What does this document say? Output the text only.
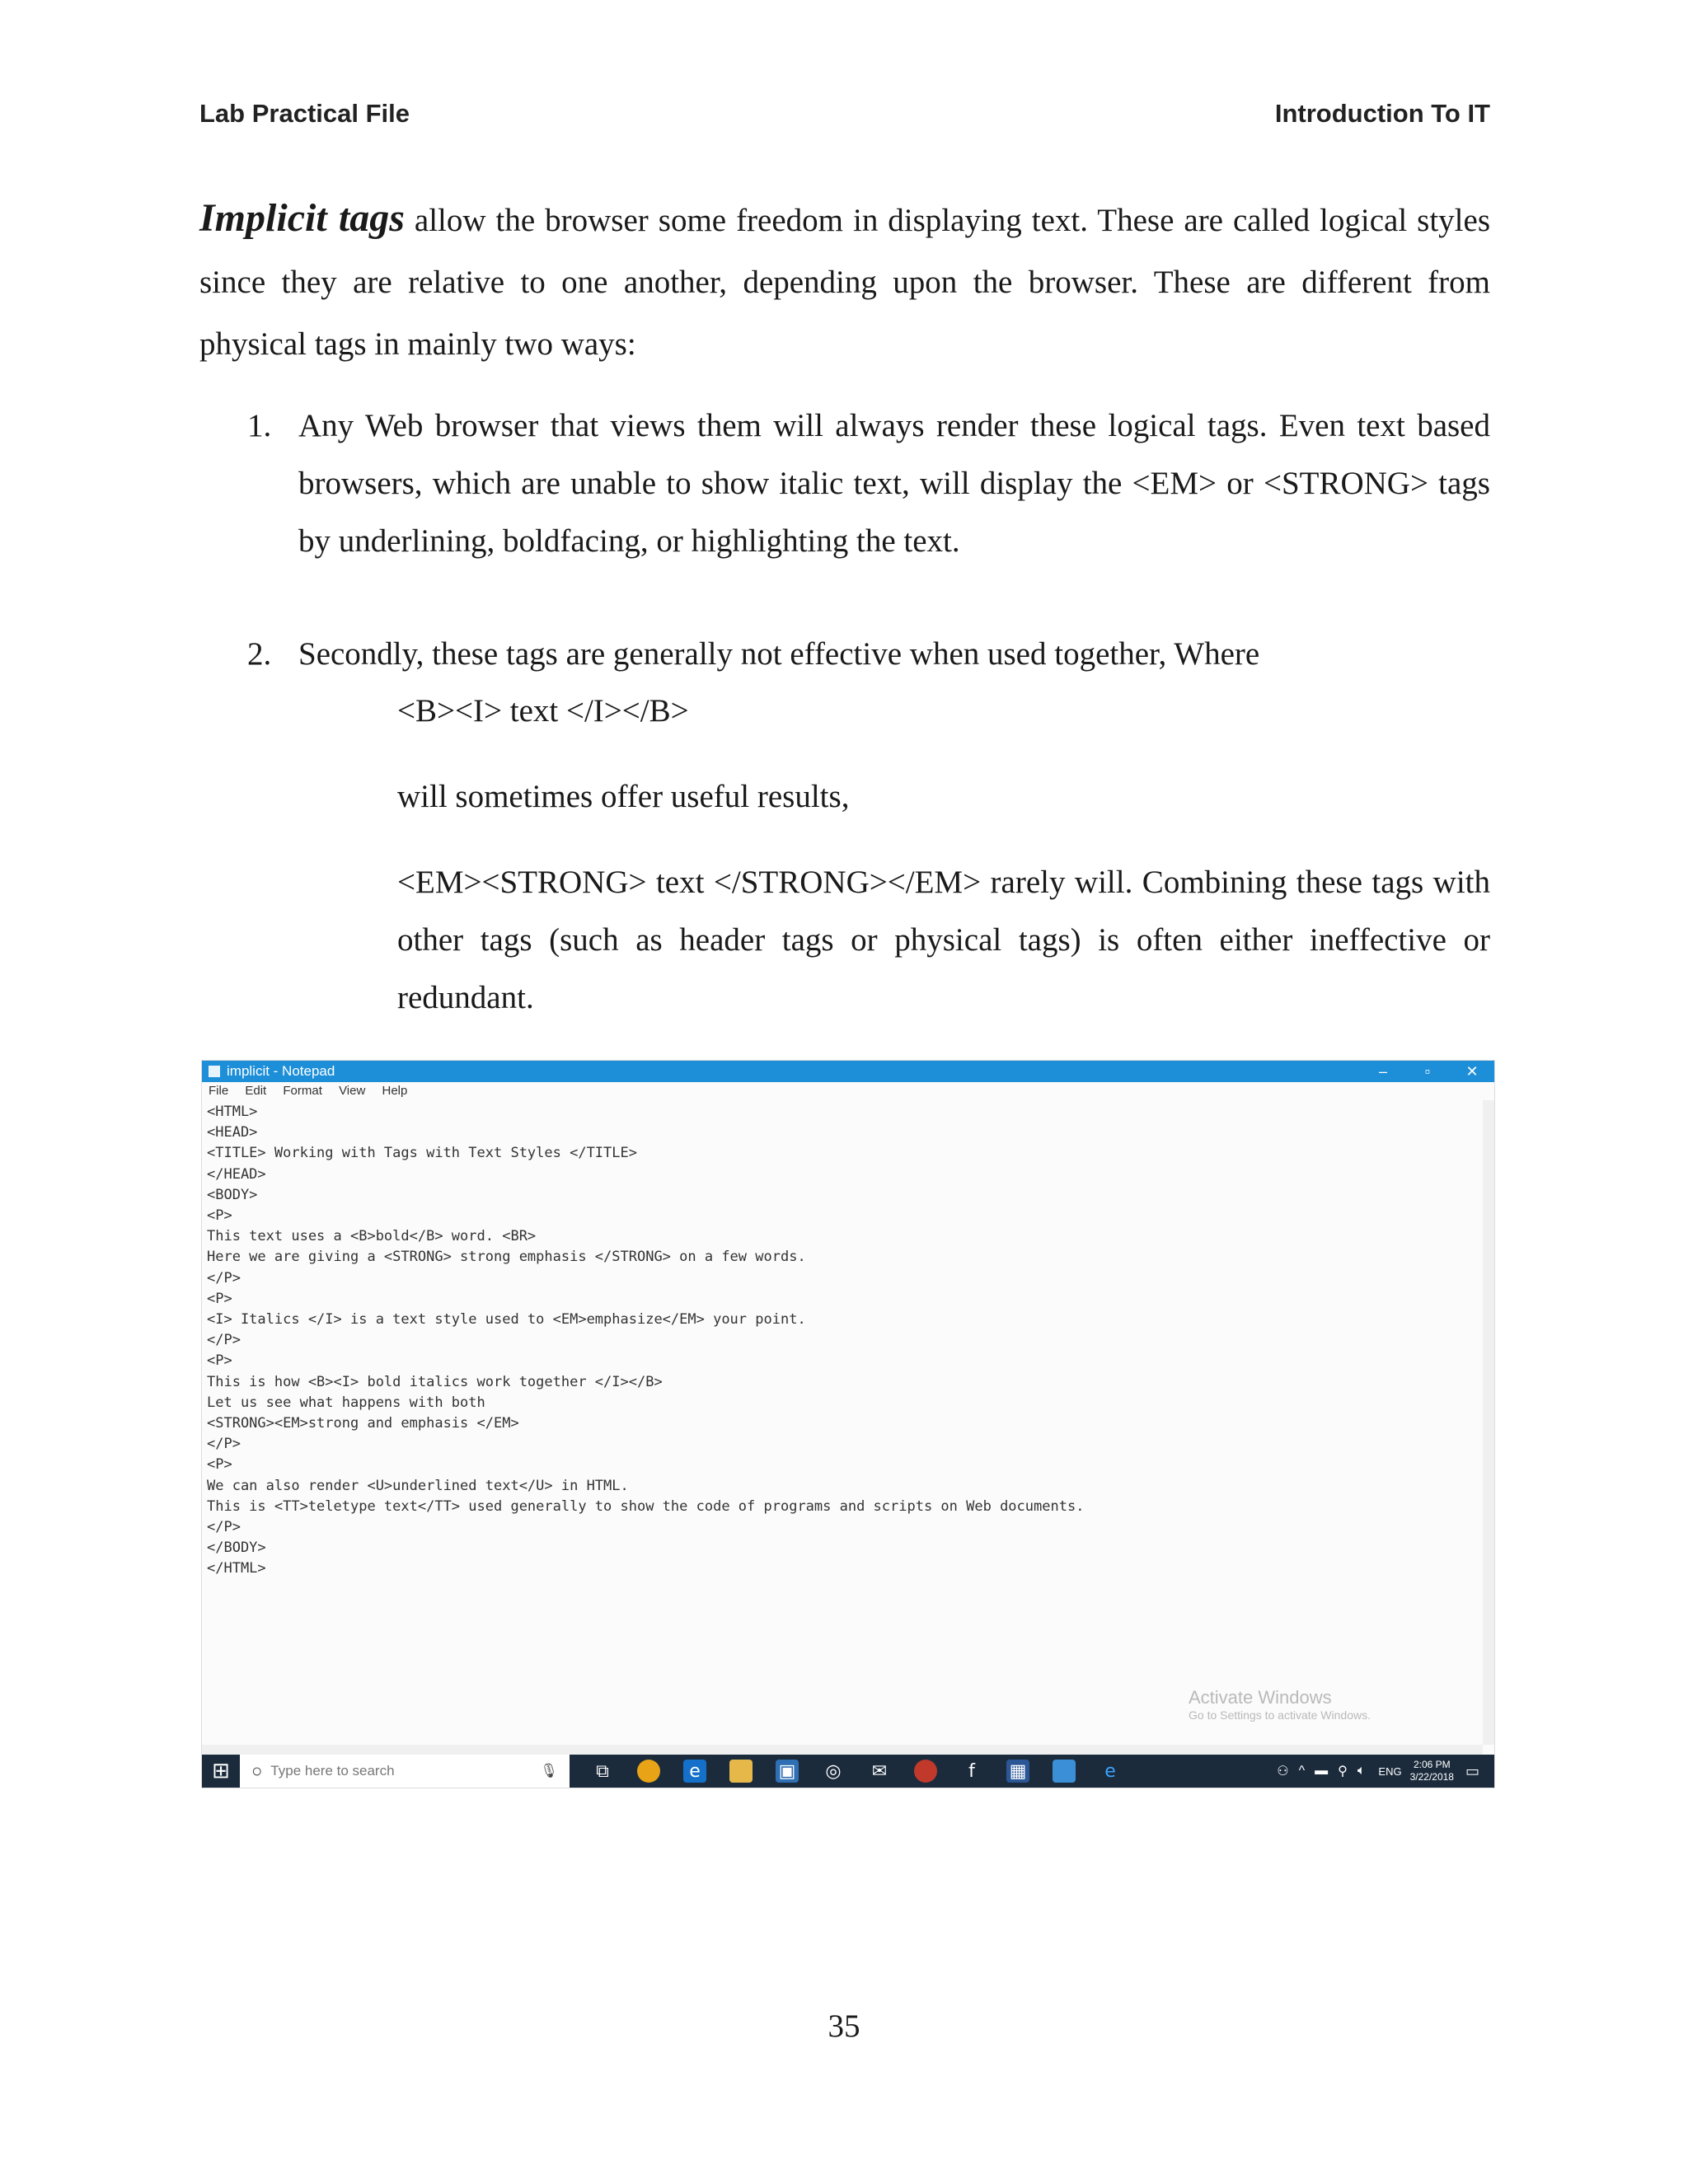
Lab Practical File	Introduction To IT
Implicit tags allow the browser some freedom in displaying text. These are called logical styles since they are relative to one another, depending upon the browser. These are different from physical tags in mainly two ways:
1. Any Web browser that views them will always render these logical tags. Even text based browsers, which are unable to show italic text, will display the <EM> or <STRONG> tags by underlining, boldfacing, or highlighting the text.
2. Secondly, these tags are generally not effective when used together, Where
<B><I> text </I></B>
will sometimes offer useful results,
<EM><STRONG> text </STRONG></EM> rarely will. Combining these tags with other tags (such as header tags or physical tags) is often either ineffective or redundant.
implicit - Notepad	–	▫	✕
File Edit Format View Help
<HTML>
<HEAD>
<TITLE> Working with Tags with Text Styles </TITLE>
</HEAD>
<BODY>
<P>
This text uses a <B>bold</B> word. <BR>
Here we are giving a <STRONG> strong emphasis </STRONG> on a few words.
</P>
<P>
<I> Italics </I> is a text style used to <EM>emphasize</EM> your point.
</P>
<P>
This is how <B><I> bold italics work together </I></B>
Let us see what happens with both
<STRONG><EM>strong and emphasis </EM>
</P>
<P>
We can also render <U>underlined text</U> in HTML.
This is <TT>teletype text</TT> used generally to show the code of programs and scripts on Web documents.
</P>
</BODY>
</HTML>
Activate Windows
Go to Settings to activate Windows.
⊞ ○ Type here to search	🎙︎ ⧉	e	▣ ◎ ✉	f	▦	e	⚇ ^ ▬ ⚲ 🔈︎ ENG
2:06 PM
3/22/2018 ▭
35
